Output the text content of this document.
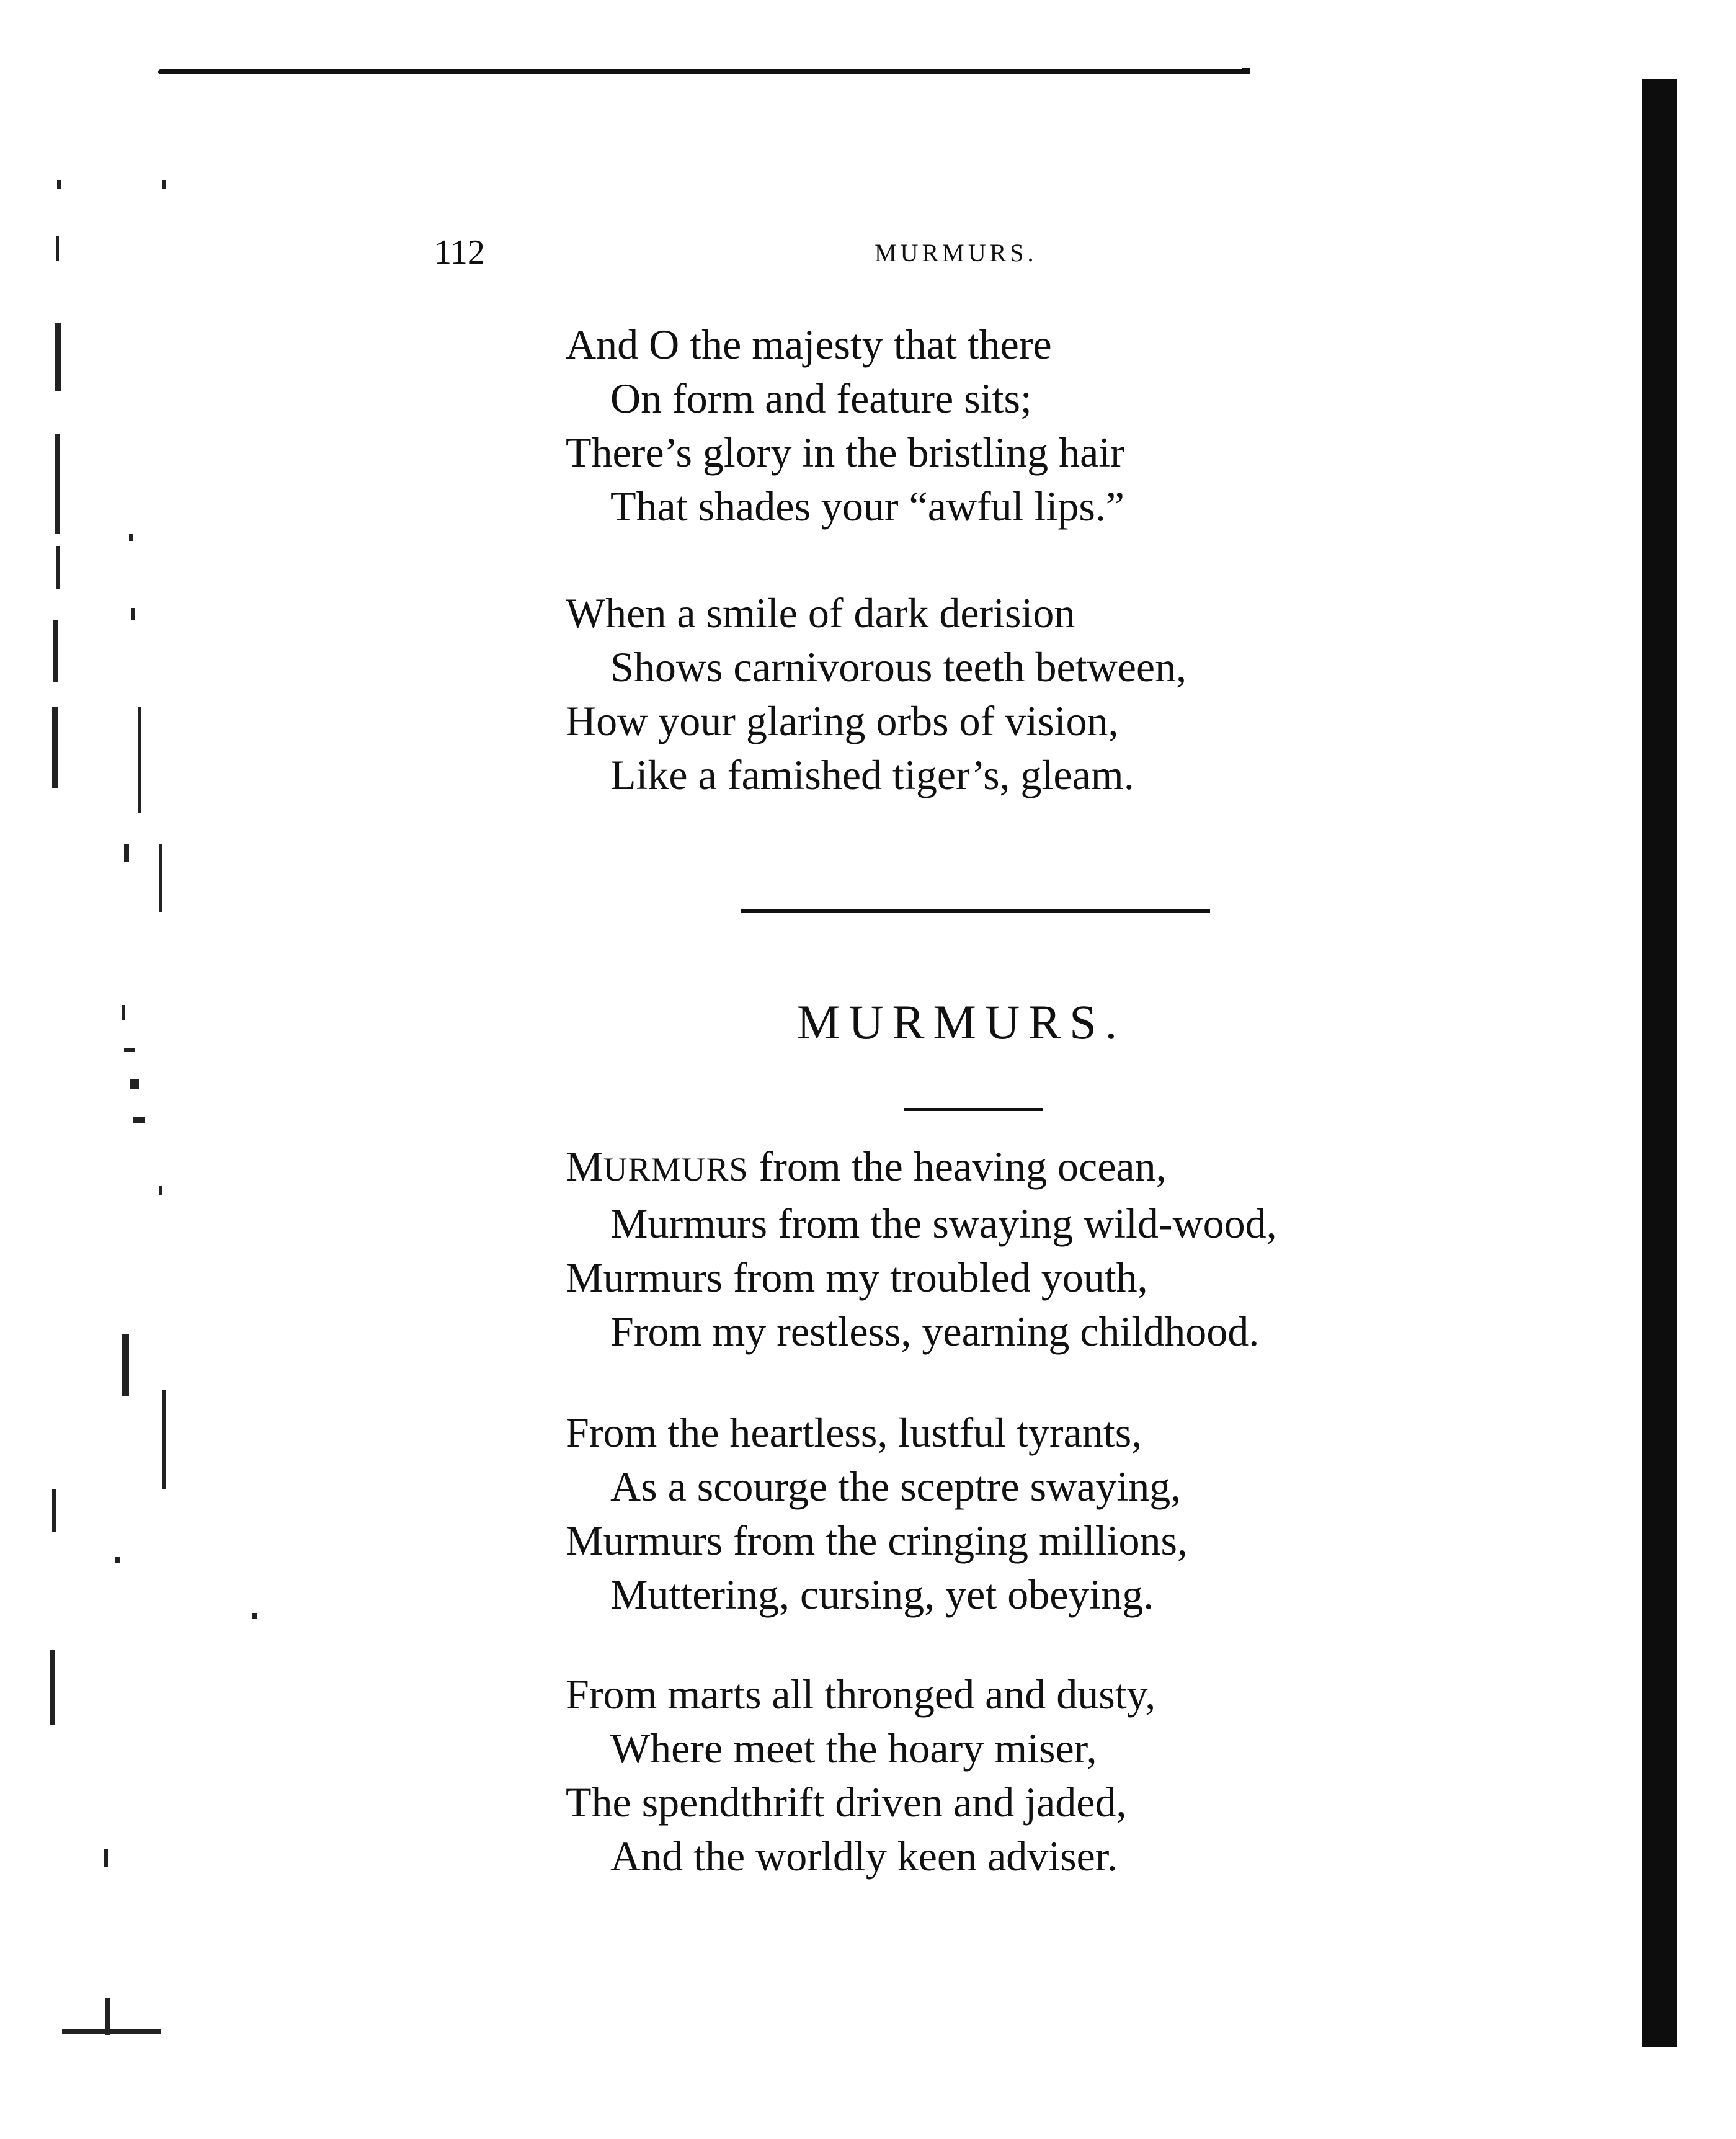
112	MURMURS.

And O the majesty that there
On form and feature sits;
There’s glory in the bristling hair
That shades your “awful lips.”

When a smile of dark derision
Shows carnivorous teeth between,
How your glaring orbs of vision,
Like a famished tiger’s, gleam.

MURMURS.

MURMURS from the heaving ocean,
Murmurs from the swaying wild-wood,
Murmurs from my troubled youth,
From my restless, yearning childhood.

From the heartless, lustful tyrants,
As a scourge the sceptre swaying,
Murmurs from the cringing millions,
Muttering, cursing, yet obeying.

From marts all thronged and dusty,
Where meet the hoary miser,
The spendthrift driven and jaded,
And the worldly keen adviser.
